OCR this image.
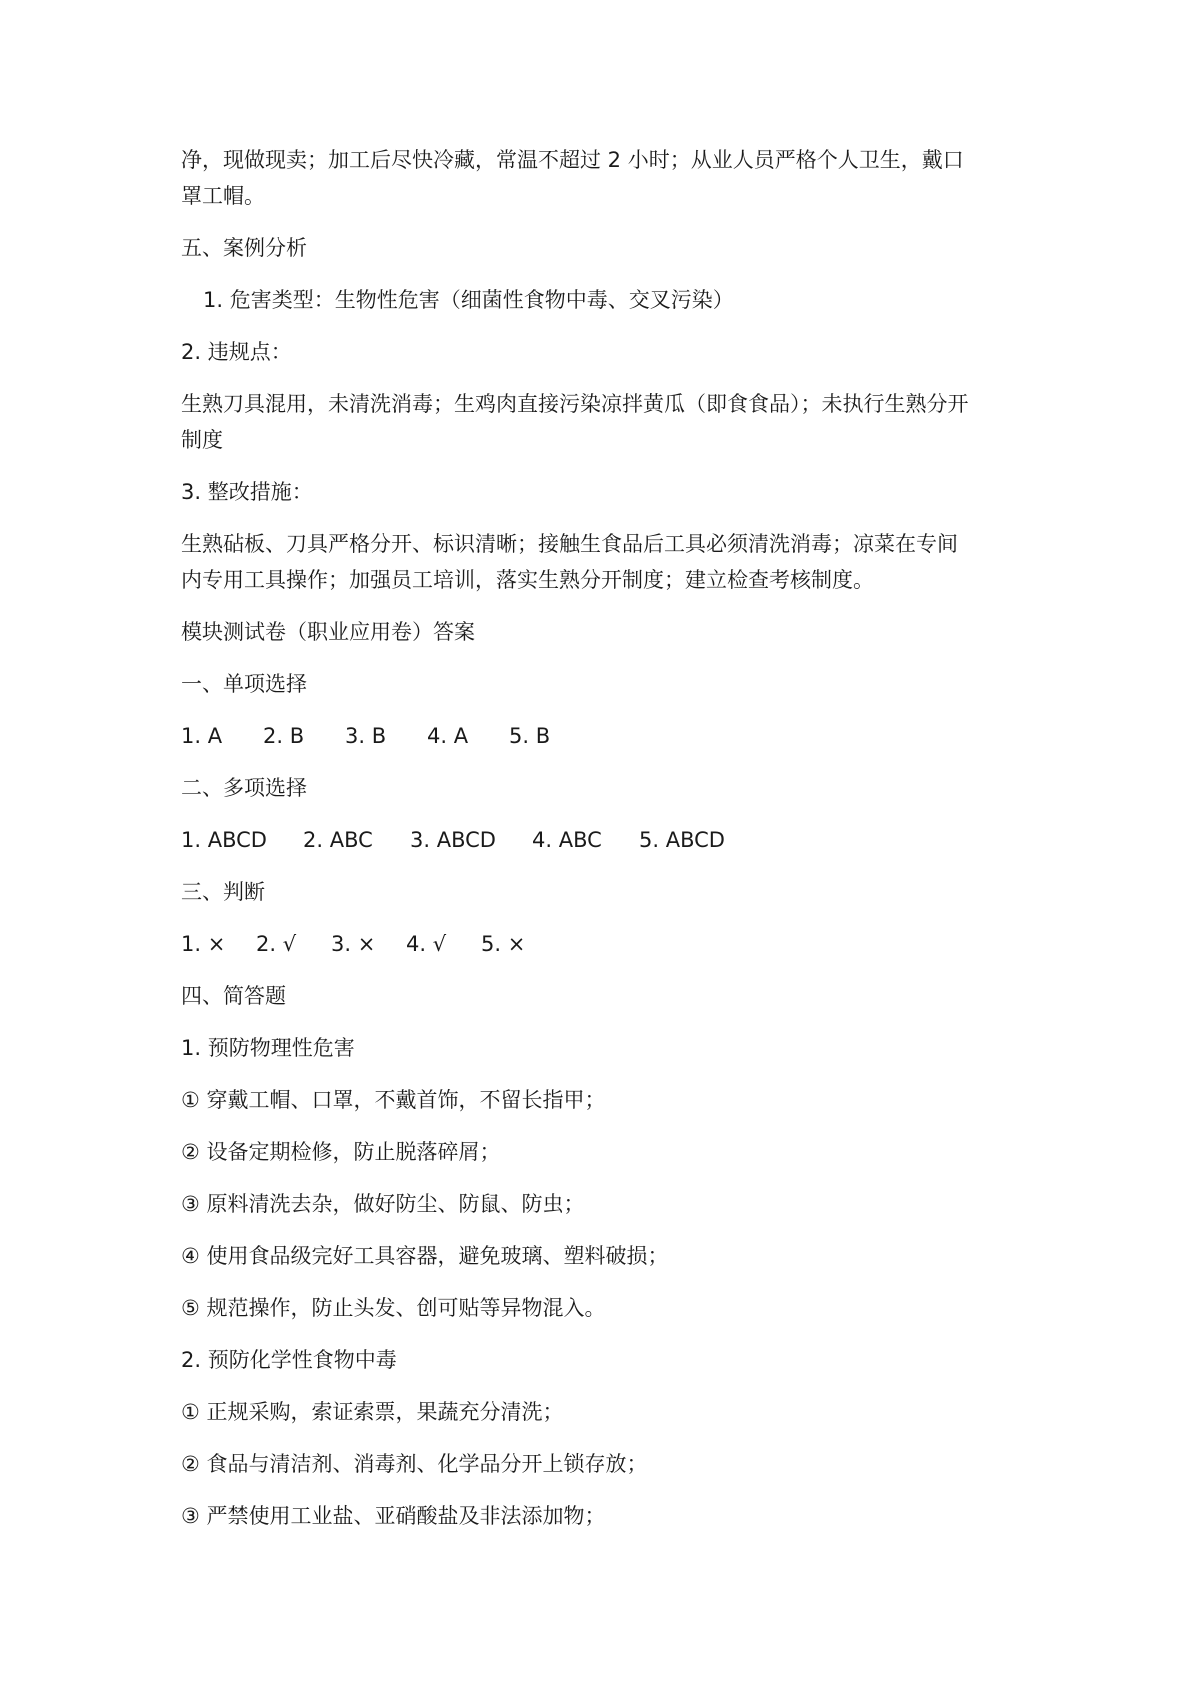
净，现做现卖；加工后尽快冷藏，常温不超过 2 小时；从业人员严格个人卫生，戴口

罩工帽。

五、案例分析

1. 危害类型：生物性危害（细菌性食物中毒、交叉污染）

2. 违规点：

生熟刀具混用，未清洗消毒；生鸡肉直接污染凉拌黄瓜（即食食品）；未执行生熟分开

制度

3. 整改措施：

生熟砧板、刀具严格分开、标识清晰；接触生食品后工具必须清洗消毒；凉菜在专间

内专用工具操作；加强员工培训，落实生熟分开制度；建立检查考核制度。

模块测试卷（职业应用卷）答案

一、单项选择

1. A	2. B	3. B	4. A	5. B

二、多项选择

1. ABCD	2. ABC	3. ABCD	4. ABC	5. ABCD

三、判断

1. ×	2. √	3. ×	4. √	5. ×

四、简答题

1. 预防物理性危害

① 穿戴工帽、口罩，不戴首饰，不留长指甲；

② 设备定期检修，防止脱落碎屑；

③ 原料清洗去杂，做好防尘、防鼠、防虫；

④ 使用食品级完好工具容器，避免玻璃、塑料破损；

⑤ 规范操作，防止头发、创可贴等异物混入。

2. 预防化学性食物中毒

① 正规采购，索证索票，果蔬充分清洗；

② 食品与清洁剂、消毒剂、化学品分开上锁存放；

③ 严禁使用工业盐、亚硝酸盐及非法添加物；
